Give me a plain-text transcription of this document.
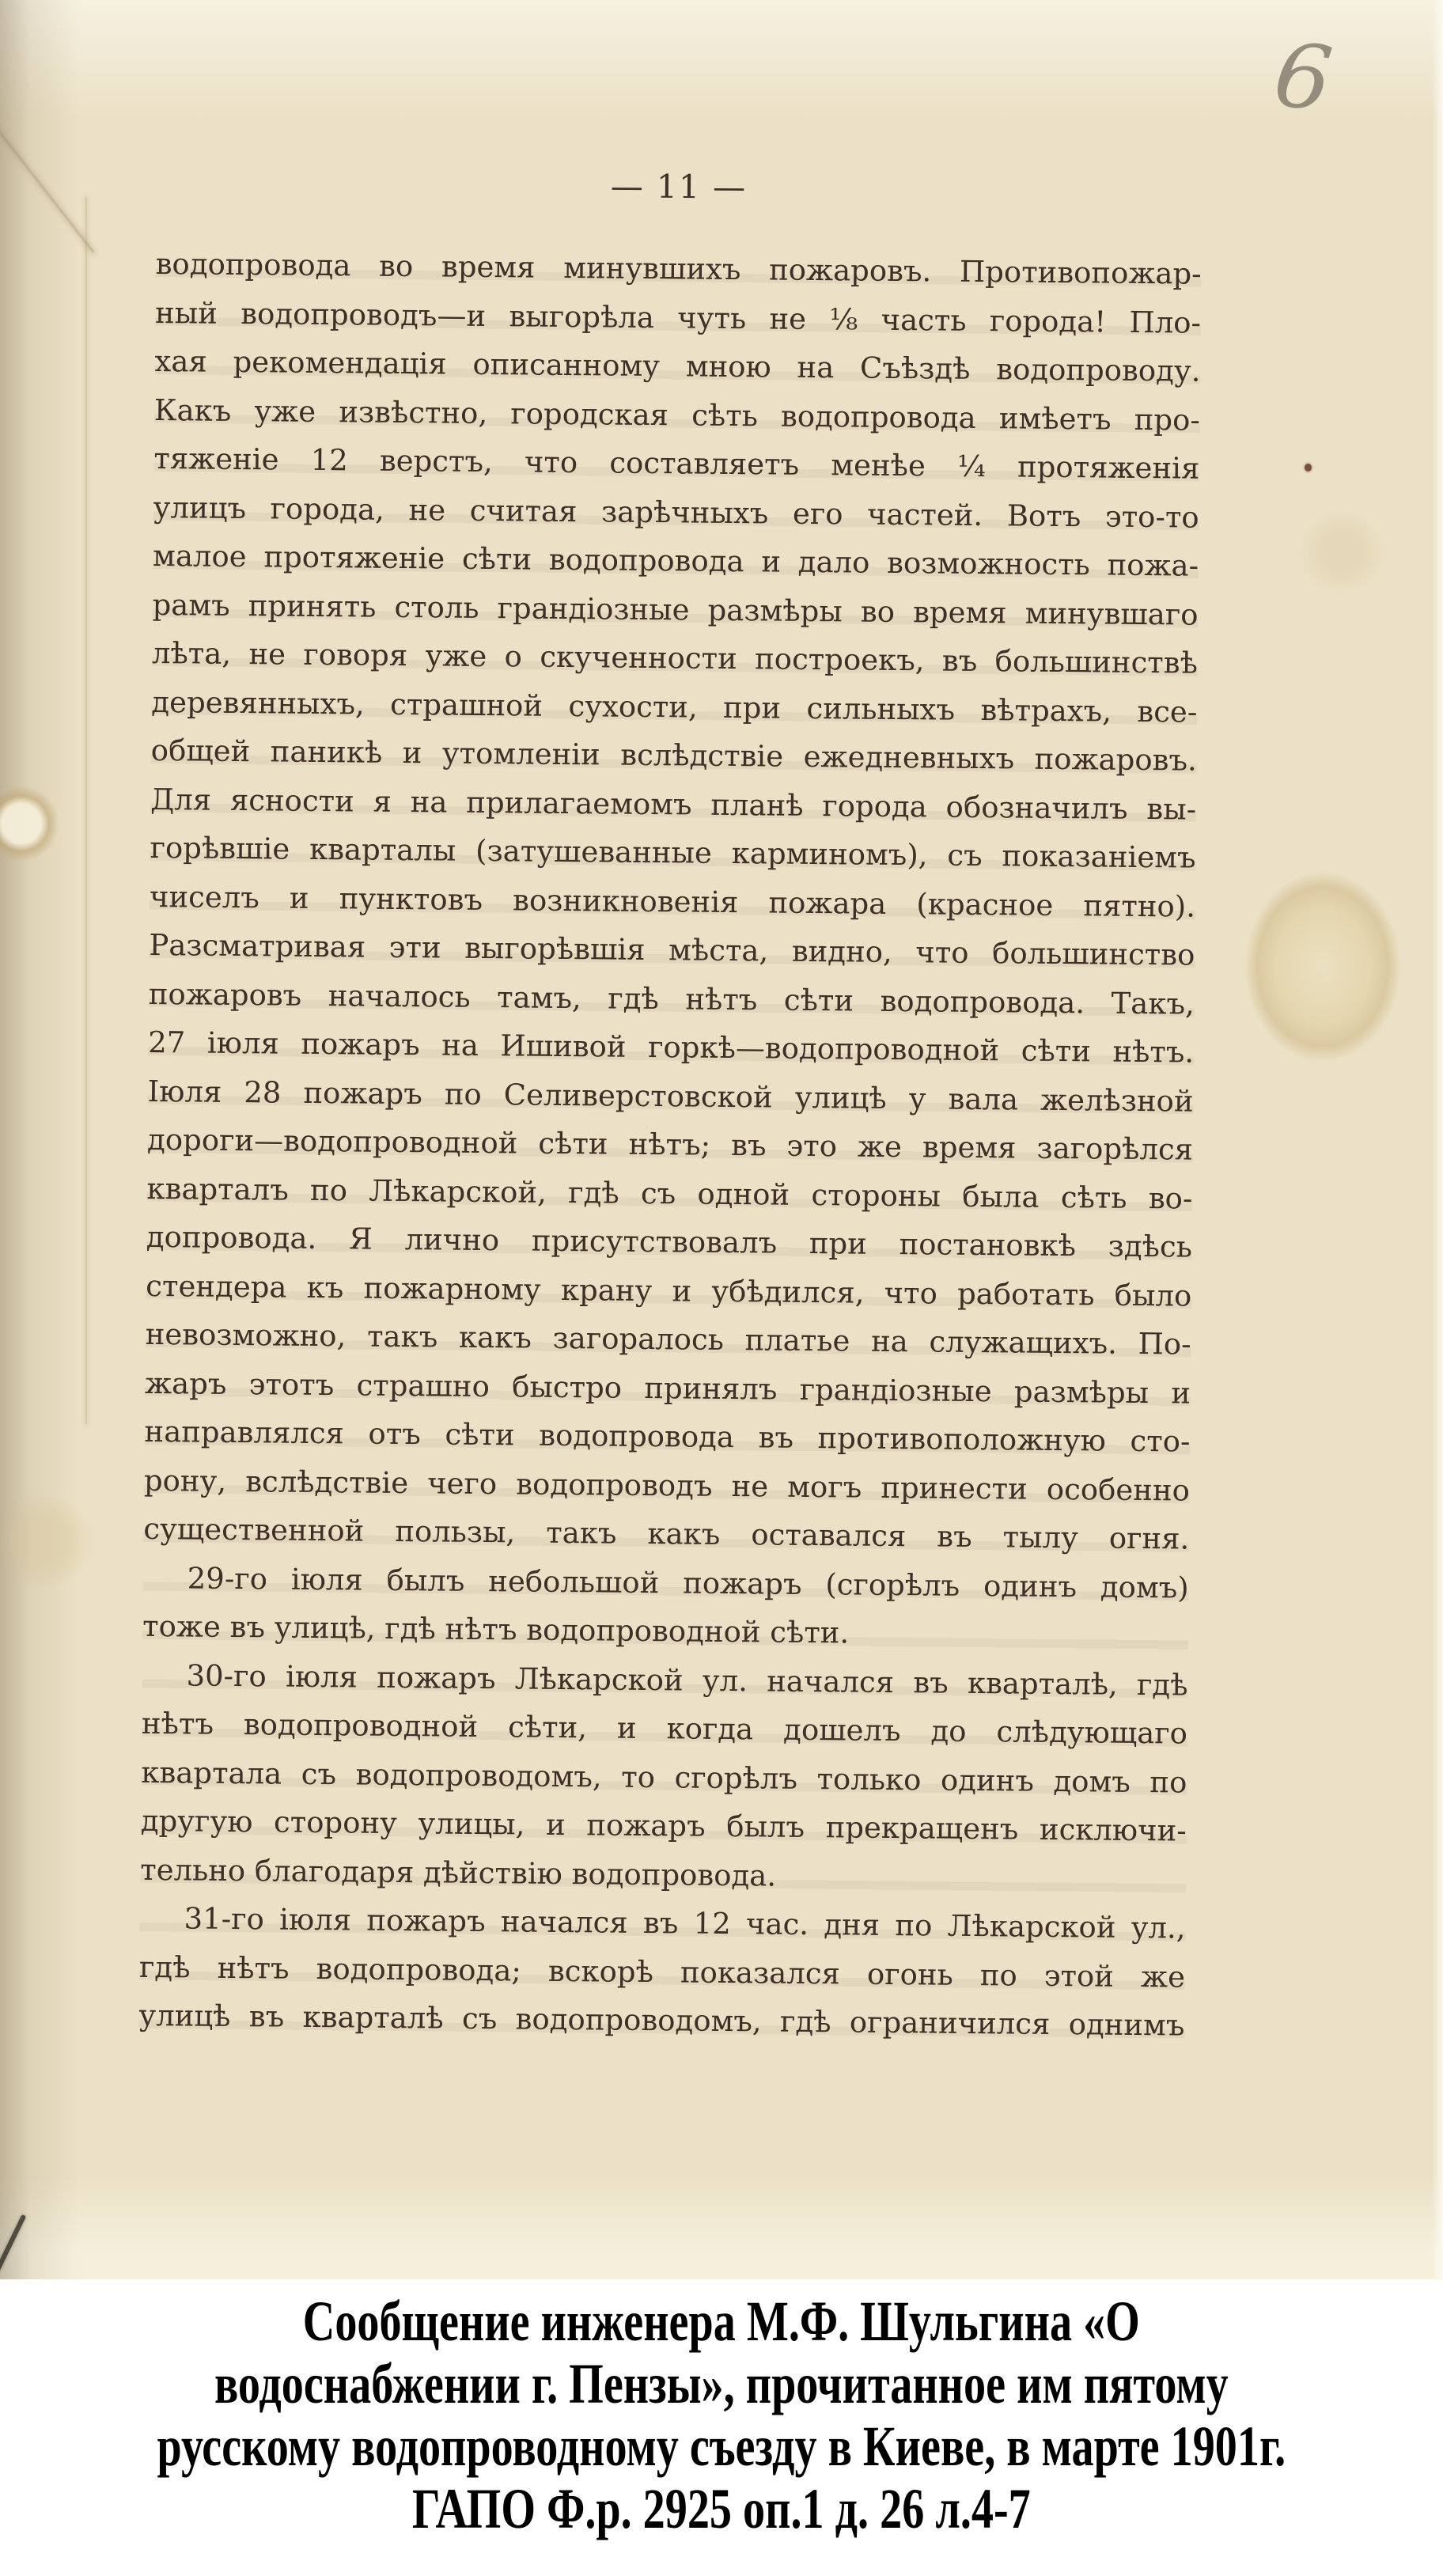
— 11 —
6
водопровода во время минувшихъ пожаровъ. Противопожар-
ный водопроводъ—и выгорѣла чуть не ⅛ часть города! Пло-
хая рекомендація описанному мною на Съѣздѣ водопроводу.
Какъ уже извѣстно, городская сѣть водопровода имѣетъ про-
тяженіе 12 верстъ, что составляетъ менѣе ¼ протяженія
улицъ города, не считая зарѣчныхъ его частей. Вотъ это-то
малое протяженіе сѣти водопровода и дало возможность пожа-
рамъ принять столь грандіозные размѣры во время минувшаго
лѣта, не говоря уже о скученности построекъ, въ большинствѣ
деревянныхъ, страшной сухости, при сильныхъ вѣтрахъ, все-
общей паникѣ и утомленіи вслѣдствіе ежедневныхъ пожаровъ.
Для ясности я на прилагаемомъ планѣ города обозначилъ вы-
горѣвшіе кварталы (затушеванные карминомъ), съ показаніемъ
чиселъ и пунктовъ возникновенія пожара (красное пятно).
Разсматривая эти выгорѣвшія мѣста, видно, что большинство
пожаровъ началось тамъ, гдѣ нѣтъ сѣти водопровода. Такъ,
27 іюля пожаръ на Ишивой горкѣ—водопроводной сѣти нѣтъ.
Іюля 28 пожаръ по Селиверстовской улицѣ у вала желѣзной
дороги—водопроводной сѣти нѣтъ; въ это же время загорѣлся
кварталъ по Лѣкарской, гдѣ съ одной стороны была сѣть во-
допровода. Я лично присутствовалъ при постановкѣ здѣсь
стендера къ пожарному крану и убѣдился, что работать было
невозможно, такъ какъ загоралось платье на служащихъ. По-
жаръ этотъ страшно быстро принялъ грандіозные размѣры и
направлялся отъ сѣти водопровода въ противоположную сто-
рону, вслѣдствіе чего водопроводъ не могъ принести особенно
существенной пользы, такъ какъ оставался въ тылу огня.
29-го іюля былъ небольшой пожаръ (сгорѣлъ одинъ домъ)
тоже въ улицѣ, гдѣ нѣтъ водопроводной сѣти.
30-го іюля пожаръ Лѣкарской ул. начался въ кварталѣ, гдѣ
нѣтъ водопроводной сѣти, и когда дошелъ до слѣдующаго
квартала съ водопроводомъ, то сгорѣлъ только одинъ домъ по
другую сторону улицы, и пожаръ былъ прекращенъ исключи-
тельно благодаря дѣйствію водопровода.
31-го іюля пожаръ начался въ 12 час. дня по Лѣкарской ул.,
гдѣ нѣтъ водопровода; вскорѣ показался огонь по этой же
улицѣ въ кварталѣ съ водопроводомъ, гдѣ ограничился однимъ
Сообщение инженера М.Ф. Шульгина «О
водоснабжении г. Пензы», прочитанное им пятому
русскому водопроводному съезду в Киеве, в марте 1901г.
ГАПО Ф.р. 2925 оп.1 д. 26 л.4-7
